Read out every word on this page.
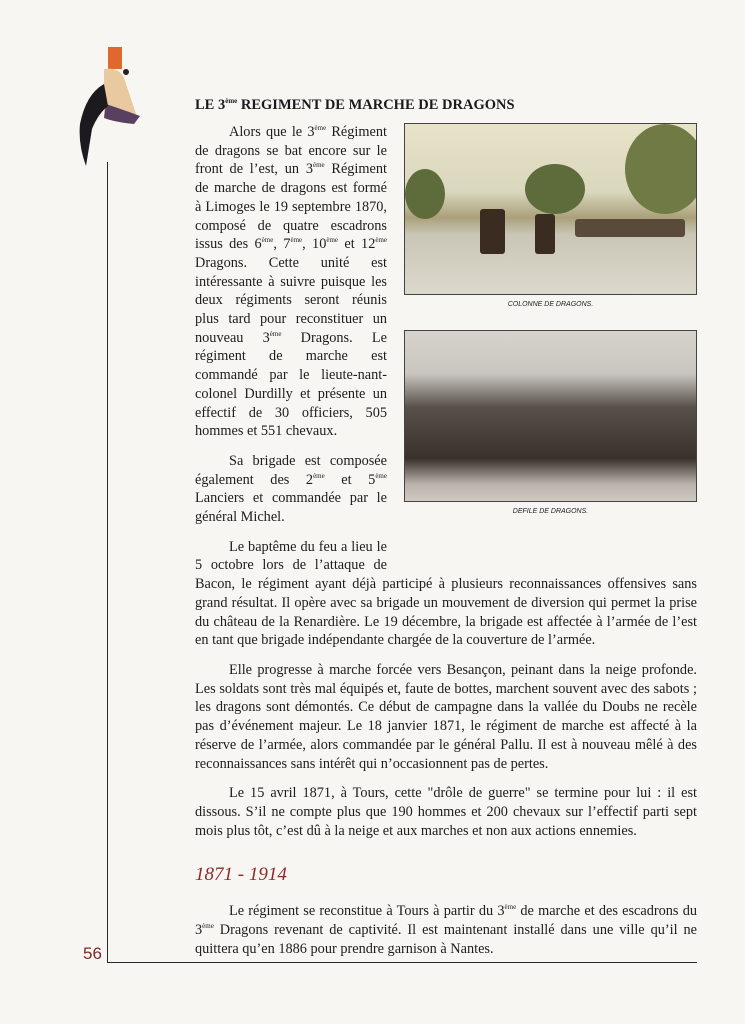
56
LE 3ème REGIMENT DE MARCHE DE DRAGONS
COLONNE DE DRAGONS.
DEFILE DE DRAGONS.

Alors que le 3ème Régiment de dragons se bat encore sur le front de l’est, un 3ème Régiment de marche de dragons est formé à Limoges le 19 septembre 1870, composé de quatre escadrons issus des 6ème, 7ème, 10ème et 12ème Dragons. Cette unité est intéressante à suivre puisque les deux régiments seront réunis plus tard pour reconstituer un nouveau 3ème Dragons. Le régiment de marche est commandé par le lieute-nant-colonel Durdilly et présente un effectif de 30 officiers, 505 hommes et 551 chevaux.

Sa brigade est composée également des 2ème et 5ème Lanciers et commandée par le général Michel.

Le baptême du feu a lieu le 5 octobre lors de l’attaque de Bacon, le régiment ayant déjà participé à plusieurs reconnaissances offensives sans grand résultat. Il opère avec sa brigade un mouvement de diversion qui permet la prise du château de la Renardière. Le 19 décembre, la brigade est affectée à l’armée de l’est en tant que brigade indépendante chargée de la couverture de l’armée.

Elle progresse à marche forcée vers Besançon, peinant dans la neige profonde. Les soldats sont très mal équipés et, faute de bottes, marchent souvent avec des sabots ; les dragons sont démontés. Ce début de campagne dans la vallée du Doubs ne recèle pas d’événement majeur. Le 18 janvier 1871, le régiment de marche est affecté à la réserve de l’armée, alors commandée par le général Pallu. Il est à nouveau mêlé à des reconnaissances sans intérêt qui n’occasionnent pas de pertes.

Le 15 avril 1871, à Tours, cette "drôle de guerre" se termine pour lui : il est dissous. S’il ne compte plus que 190 hommes et 200 chevaux sur l’effectif parti sept mois plus tôt, c’est dû à la neige et aux marches et non aux actions ennemies.

1871 - 1914

Le régiment se reconstitue à Tours à partir du 3ème de marche et des escadrons du 3ème Dragons revenant de captivité. Il est maintenant installé dans une ville qu’il ne quittera qu’en 1886 pour prendre garnison à Nantes.
